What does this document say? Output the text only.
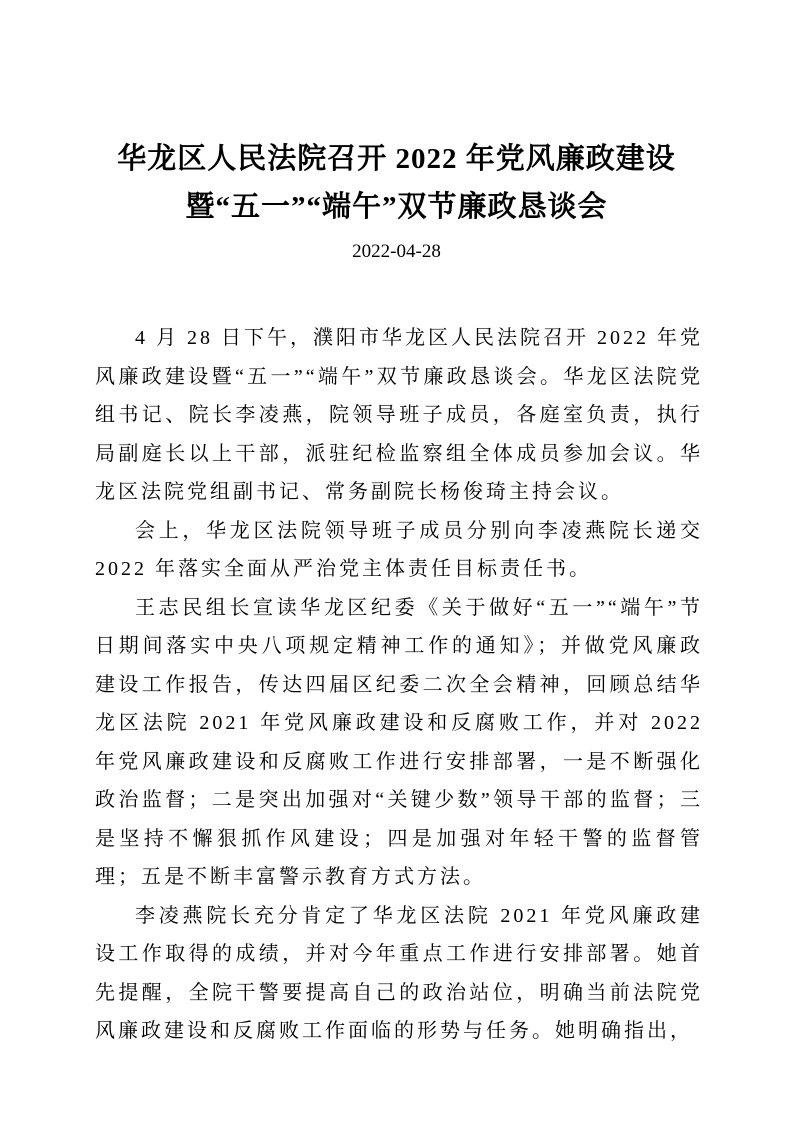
华龙区人民法院召开 2022 年党风廉政建设
暨“五一”“端午”双节廉政恳谈会
2022-04-28

4 月 28 日下午，濮阳市华龙区人民法院召开 2022 年党风廉政建设暨“五一”“端午”双节廉政恳谈会。华龙区法院党组书记、院长李凌燕，院领导班子成员，各庭室负责，执行局副庭长以上干部，派驻纪检监察组全体成员参加会议。华龙区法院党组副书记、常务副院长杨俊琦主持会议。

会上，华龙区法院领导班子成员分别向李凌燕院长递交 2022 年落实全面从严治党主体责任目标责任书。

王志民组长宣读华龙区纪委《关于做好“五一”“端午”节日期间落实中央八项规定精神工作的通知》；并做党风廉政建设工作报告，传达四届区纪委二次全会精神，回顾总结华龙区法院 2021 年党风廉政建设和反腐败工作，并对 2022 年党风廉政建设和反腐败工作进行安排部署，一是不断强化政治监督；二是突出加强对“关键少数”领导干部的监督；三是坚持不懈狠抓作风建设；四是加强对年轻干警的监督管理；五是不断丰富警示教育方式方法。

李凌燕院长充分肯定了华龙区法院 2021 年党风廉政建设工作取得的成绩，并对今年重点工作进行安排部署。她首先提醒，全院干警要提高自己的政治站位，明确当前法院党风廉政建设和反腐败工作面临的形势与任务。她明确指出，
